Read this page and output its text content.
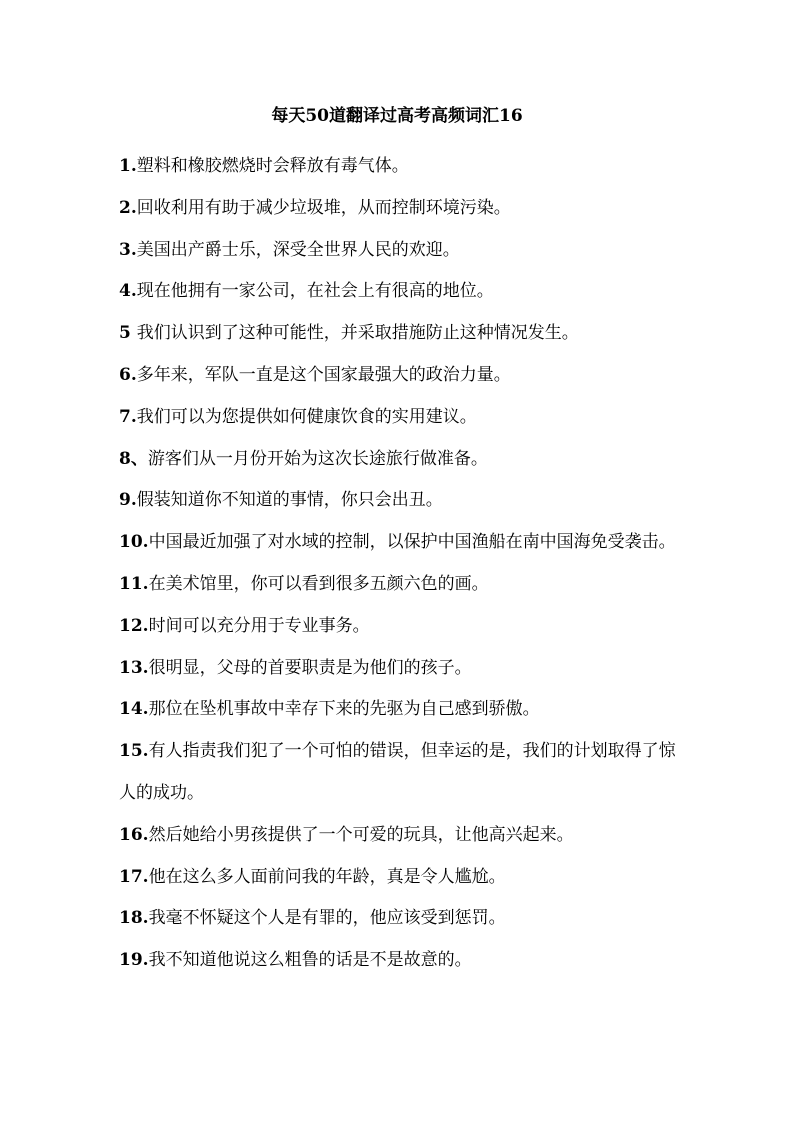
每天50道翻译过高考高频词汇16
1.塑料和橡胶燃烧时会释放有毒气体。
2.回收利用有助于减少垃圾堆，从而控制环境污染。
3.美国出产爵士乐，深受全世界人民的欢迎。
4.现在他拥有一家公司，在社会上有很高的地位。
5 我们认识到了这种可能性，并采取措施防止这种情况发生。
6.多年来，军队一直是这个国家最强大的政治力量。
7.我们可以为您提供如何健康饮食的实用建议。
8、游客们从一月份开始为这次长途旅行做准备。
9.假装知道你不知道的事情，你只会出丑。
10.中国最近加强了对水域的控制，以保护中国渔船在南中国海免受袭击。
11.在美术馆里，你可以看到很多五颜六色的画。
12.时间可以充分用于专业事务。
13.很明显，父母的首要职责是为他们的孩子。
14.那位在坠机事故中幸存下来的先驱为自己感到骄傲。
15.有人指责我们犯了一个可怕的错误，但幸运的是，我们的计划取得了惊人的成功。
16.然后她给小男孩提供了一个可爱的玩具，让他高兴起来。
17.他在这么多人面前问我的年龄，真是令人尴尬。
18.我毫不怀疑这个人是有罪的，他应该受到惩罚。
19.我不知道他说这么粗鲁的话是不是故意的。
